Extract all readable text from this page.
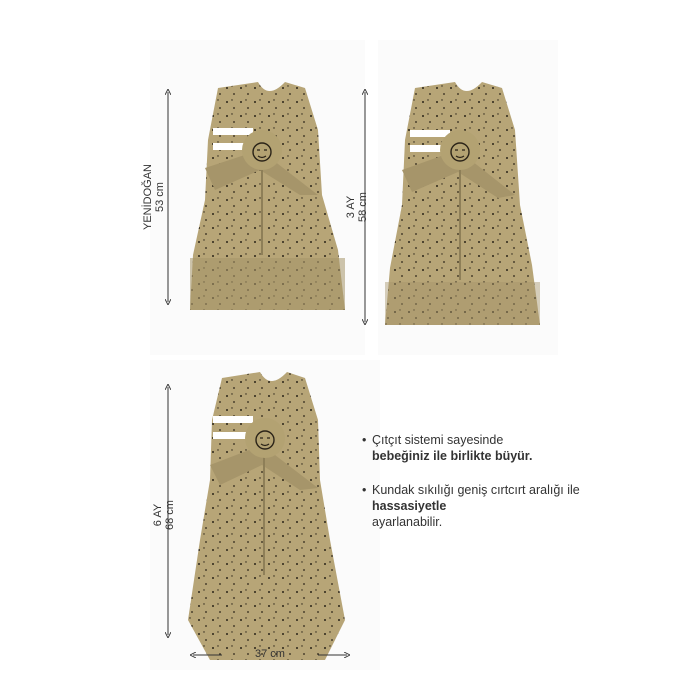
YENİDOĞAN 53 cm	3 AY 58 cm
6 AY 68 cm
37 cm
• Çıtçıt sistemi sayesinde
bebeğiniz ile birlikte büyür.
• Kundak sıkılığı geniş cırtcırt aralığı ile hassasiyetle
ayarlanabilir.
